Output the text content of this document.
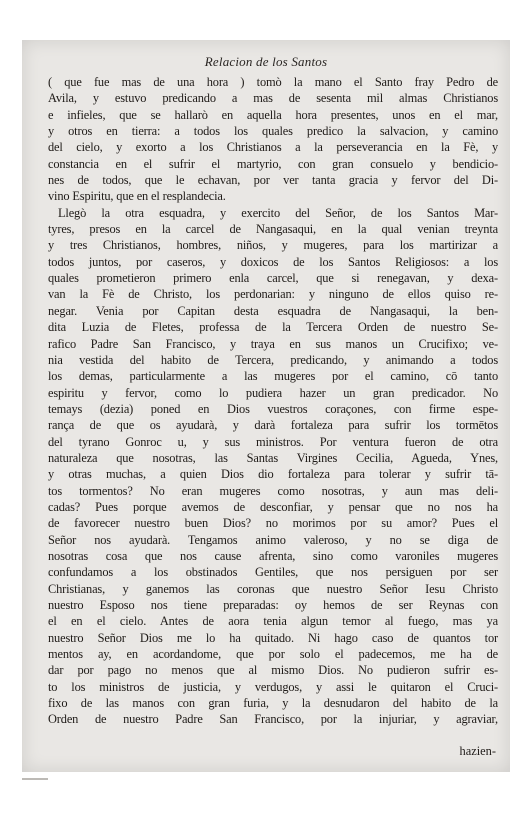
Relacion de los Santos
( que fue mas de una hora ) tomò la mano el Santo fray Pedro de
Avila, y estuvo predicando a mas de sesenta mil almas Christianos
e infieles, que se hallarò en aquella hora presentes, unos en el mar,
y otros en tierra: a todos los quales predico la salvacion, y camino
del cielo, y exorto a los Christianos a la perseverancia en la Fè, y
constancia en el sufrir el martyrio, con gran consuelo y bendicio-
nes de todos, que le echavan, por ver tanta gracia y fervor del Di-
vino Espiritu, que en el resplandecia.
Llegò la otra esquadra, y exercito del Señor, de los Santos Mar-
tyres, presos en la carcel de Nangasaqui, en la qual venian treynta
y tres Christianos, hombres, niños, y mugeres, para los martirizar a
todos juntos, por caseros, y doxicos de los Santos Religiosos: a los
quales prometieron primero enla carcel, que si renegavan, y dexa-
van la Fè de Christo, los perdonarian: y ninguno de ellos quiso re-
negar. Venia por Capitan desta esquadra de Nangasaqui, la ben-
dita Luzia de Fletes, professa de la Tercera Orden de nuestro Se-
rafico Padre San Francisco, y traya en sus manos un Crucifixo; ve-
nia vestida del habito de Tercera, predicando, y animando a todos
los demas, particularmente a las mugeres por el camino, cō tanto
espiritu y fervor, como lo pudiera hazer un gran predicador. No
temays (dezia) poned en Dios vuestros coraçones, con firme espe-
rança de que os ayudarà, y darà fortaleza para sufrir los tormētos
del tyrano Gonroc u, y sus ministros. Por ventura fueron de otra
naturaleza que nosotras, las Santas Virgines Cecilia, Agueda, Ynes,
y otras muchas, a quien Dios dio fortaleza para tolerar y sufrir tā-
tos tormentos? No eran mugeres como nosotras, y aun mas deli-
cadas? Pues porque avemos de desconfiar, y pensar que no nos ha
de favorecer nuestro buen Dios? no morimos por su amor? Pues el
Señor nos ayudarà. Tengamos animo valeroso, y no se diga de
nosotras cosa que nos cause afrenta, sino como varoniles mugeres
confundamos a los obstinados Gentiles, que nos persiguen por ser
Christianas, y ganemos las coronas que nuestro Señor Iesu Christo
nuestro Esposo nos tiene preparadas: oy hemos de ser Reynas con
el en el cielo. Antes de aora tenia algun temor al fuego, mas ya
nuestro Señor Dios me lo ha quitado. Ni hago caso de quantos tor
mentos ay, en acordandome, que por solo el padecemos, me ha de
dar por pago no menos que al mismo Dios. No pudieron sufrir es-
to los ministros de justicia, y verdugos, y assi le quitaron el Cruci-
fixo de las manos con gran furia, y la desnudaron del habito de la
Orden de nuestro Padre San Francisco, por la injuriar, y agraviar,
hazien-
